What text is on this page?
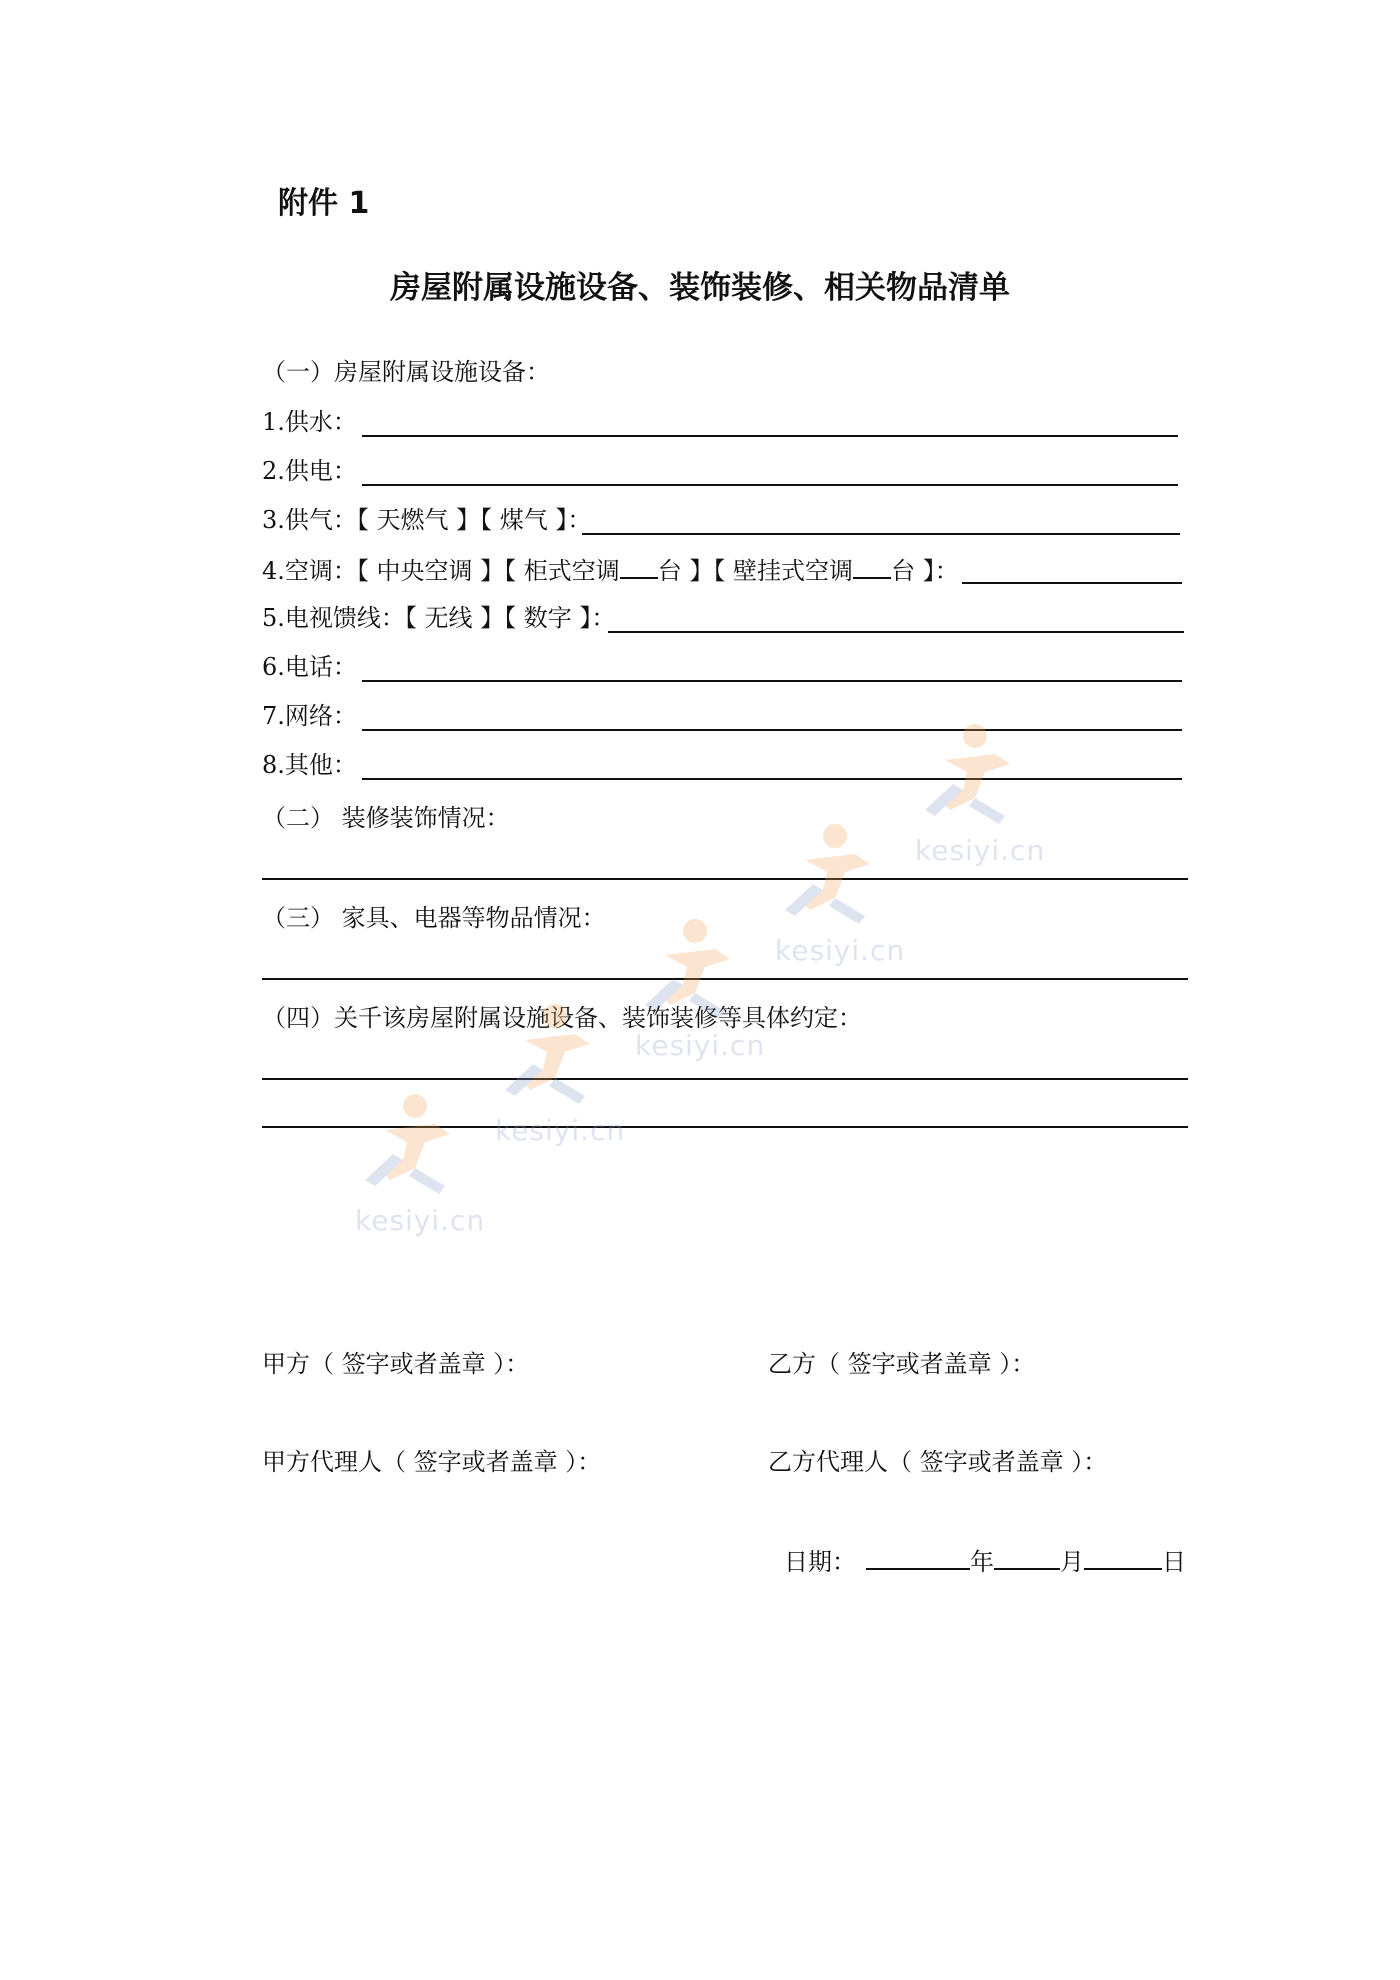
附件 1
房屋附属设施设备、装饰装修、相关物品清单
（一）房屋附属设施设备：
1.供水：
2.供电：
3.供气：【 天燃气 】【 煤气 】：
4.空调：【 中央空调 】【 柜式空调 台 】【 壁挂式空调 台 】：
5.电视馈线：【 无线 】【 数字 】：
6.电话：
7.网络：
8.其他：
（二） 装修装饰情况：
（三） 家具、电器等物品情况：
（四）关千该房屋附属设施设备、装饰装修等具体约定：
甲方（ 签字或者盖章 ）：	乙方（ 签字或者盖章 ）：
甲方代理人（ 签字或者盖章 ）：	乙方代理人（ 签字或者盖章 ）：
日期：	年	月	日
kesiyi.cn
kesiyi.cn
kesiyi.cn
kesiyi.cn
kesiyi.cn
